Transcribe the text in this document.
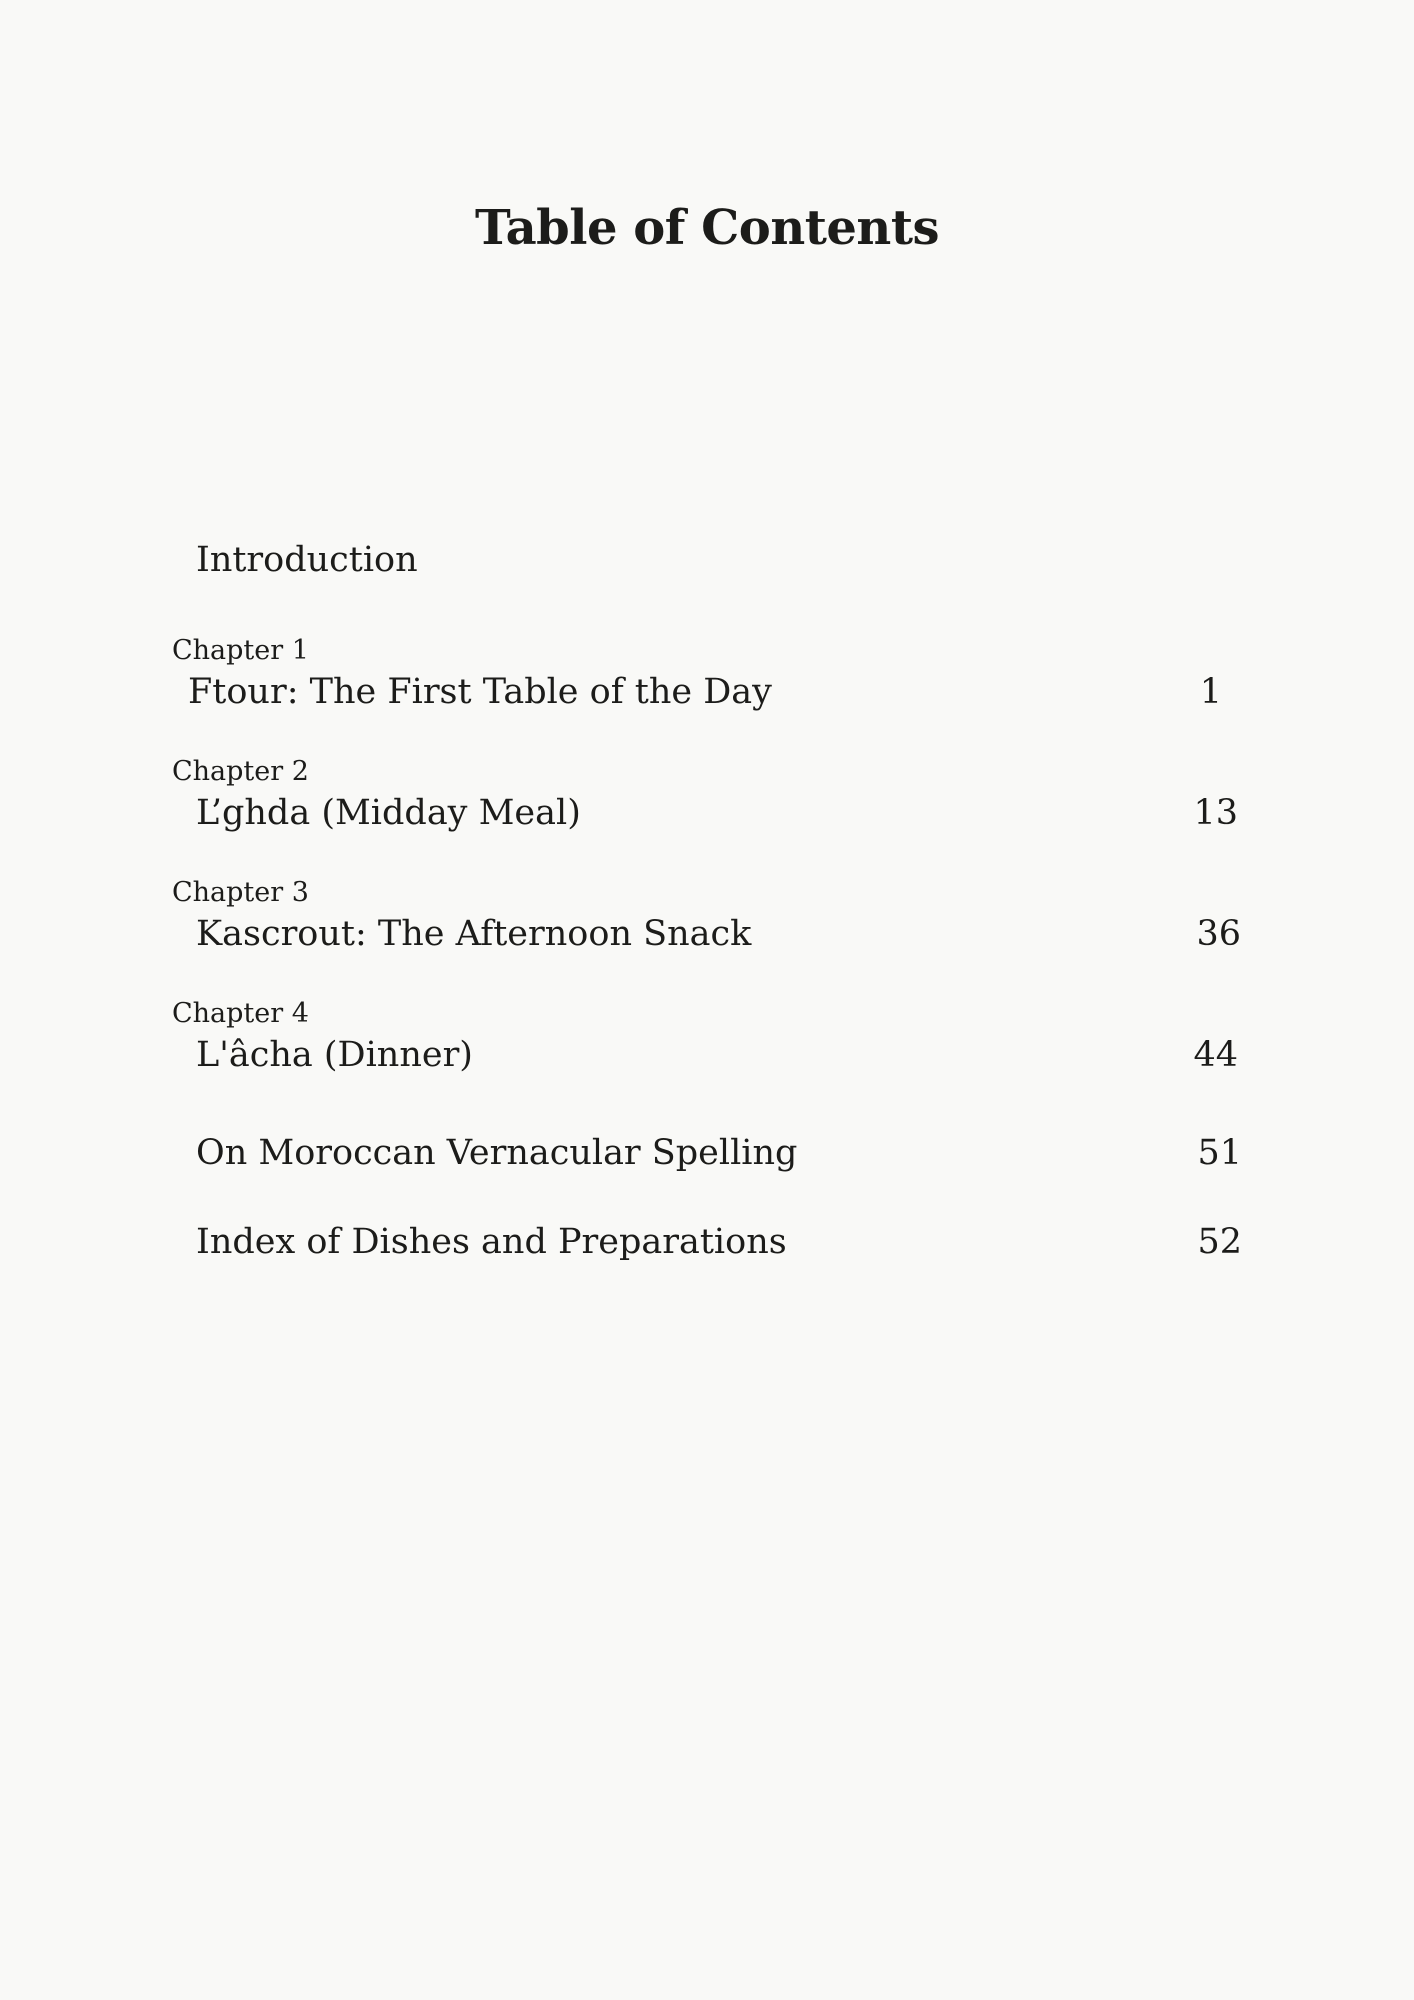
Table of Contents
Introduction
Chapter 1
Ftour: The First Table of the Day	1
Chapter 2
L’ghda (Midday Meal)	13
Chapter 3
Kascrout: The Afternoon Snack	36
Chapter 4
L'âcha (Dinner)	44
On Moroccan Vernacular Spelling	51
Index of Dishes and Preparations	52
